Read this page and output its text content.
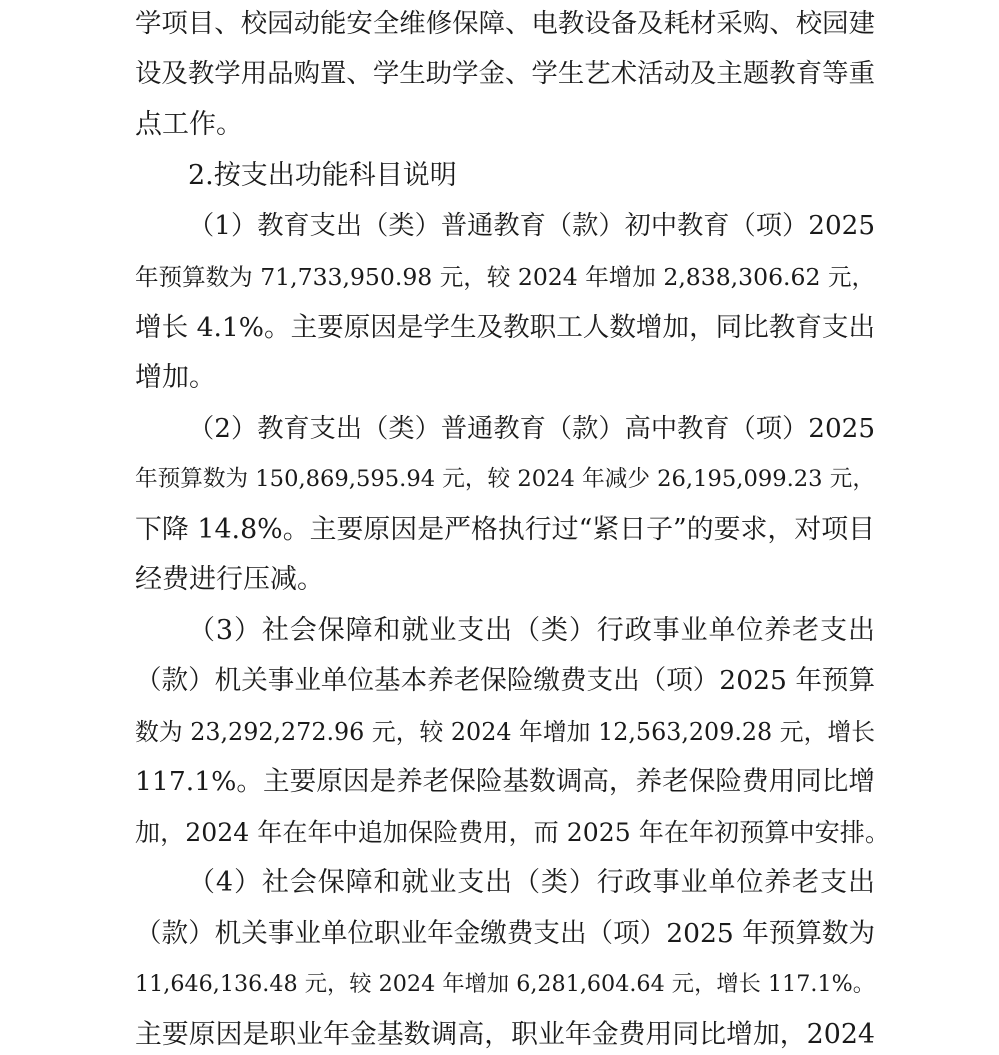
学项目、校园动能安全维修保障、电教设备及耗材采购、校园建
设及教学用品购置、学生助学金、学生艺术活动及主题教育等重
点工作。
2.按支出功能科目说明
（1）教育支出（类）普通教育（款）初中教育（项）2025
年预算数为 71,733,950.98 元，较 2024 年增加 2,838,306.62 元，
增长 4.1%。主要原因是学生及教职工人数增加，同比教育支出
增加。
（2）教育支出（类）普通教育（款）高中教育（项）2025
年预算数为 150,869,595.94 元，较 2024 年减少 26,195,099.23 元，
下降 14.8%。主要原因是严格执行过“紧日子”的要求，对项目
经费进行压减。
（3）社会保障和就业支出（类）行政事业单位养老支出
（款）机关事业单位基本养老保险缴费支出（项）2025 年预算
数为 23,292,272.96 元，较 2024 年增加 12,563,209.28 元，增长
117.1%。主要原因是养老保险基数调高，养老保险费用同比增
加，2024 年在年中追加保险费用，而 2025 年在年初预算中安排。
（4）社会保障和就业支出（类）行政事业单位养老支出
（款）机关事业单位职业年金缴费支出（项）2025 年预算数为
11,646,136.48 元，较 2024 年增加 6,281,604.64 元，增长 117.1%。
主要原因是职业年金基数调高，职业年金费用同比增加，2024
